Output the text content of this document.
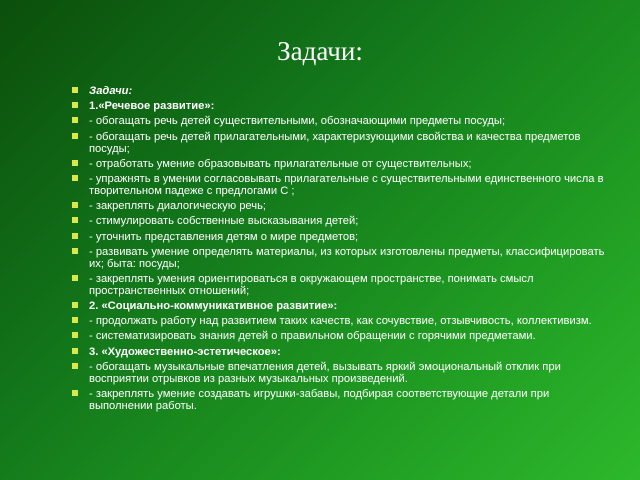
Задачи:
Задачи:
1.«Речевое развитие»:
- обогащать речь детей существительными, обозначающими предметы посуды;
- обогащать речь детей прилагательными, характеризующими свойства и качества предметов посуды;
- отработать умение образовывать прилагательные от существительных;
- упражнять в умении согласовывать прилагательные с существительными единственного числа в творительном падеже с предлогами С ;
- закреплять диалогическую речь;
- стимулировать собственные высказывания детей;
- уточнить представления детям о мире предметов;
- развивать умение определять материалы, из которых изготовлены предметы, классифицировать их; быта: посуды;
- закреплять умения ориентироваться в окружающем пространстве, понимать смысл пространственных отношений;
2. «Социально-коммуникативное развитие»:
- продолжать работу над развитием таких качеств, как сочувствие, отзывчивость, коллективизм.
- систематизировать знания детей о правильном обращении с горячими предметами.
3. «Художественно-эстетическое»:
- обогащать музыкальные впечатления детей, вызывать яркий эмоциональный отклик при восприятии отрывков из разных музыкальных произведений.
- закреплять умение создавать игрушки-забавы, подбирая соответствующие детали при выполнении работы.
